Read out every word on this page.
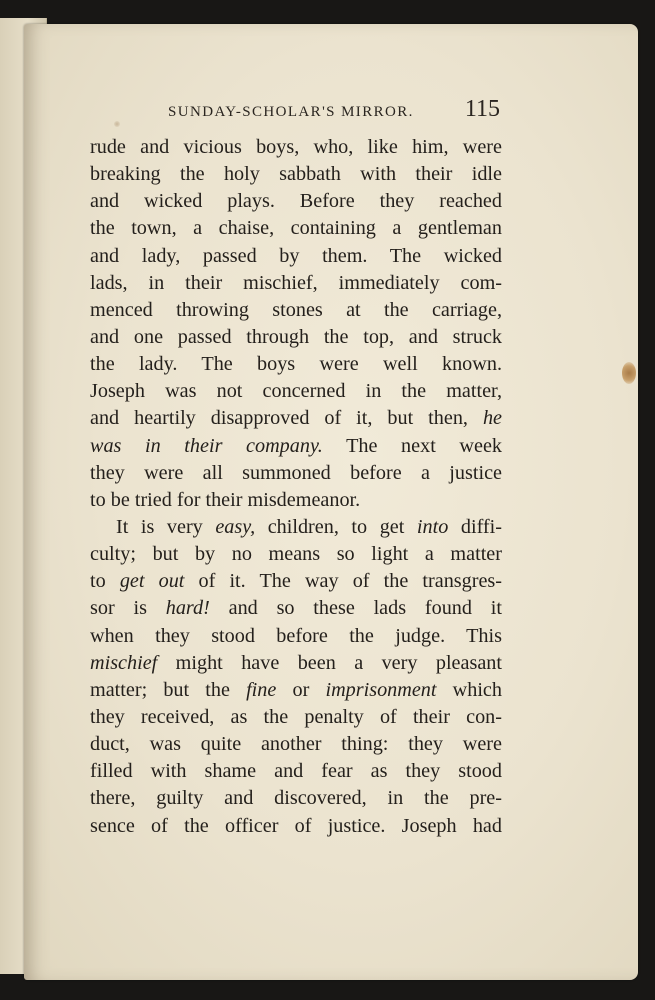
SUNDAY-SCHOLAR'S MIRROR. 115
rude and vicious boys, who, like him, were
breaking the holy sabbath with their idle
and wicked plays. Before they reached
the town, a chaise, containing a gentleman
and lady, passed by them. The wicked
lads, in their mischief, immediately com-
menced throwing stones at the carriage,
and one passed through the top, and struck
the lady. The boys were well known.
Joseph was not concerned in the matter,
and heartily disapproved of it, but then, he
was in their company. The next week
they were all summoned before a justice
to be tried for their misdemeanor.
It is very easy, children, to get into diffi-
culty; but by no means so light a matter
to get out of it. The way of the transgres-
sor is hard! and so these lads found it
when they stood before the judge. This
mischief might have been a very pleasant
matter; but the fine or imprisonment which
they received, as the penalty of their con-
duct, was quite another thing: they were
filled with shame and fear as they stood
there, guilty and discovered, in the pre-
sence of the officer of justice. Joseph had
